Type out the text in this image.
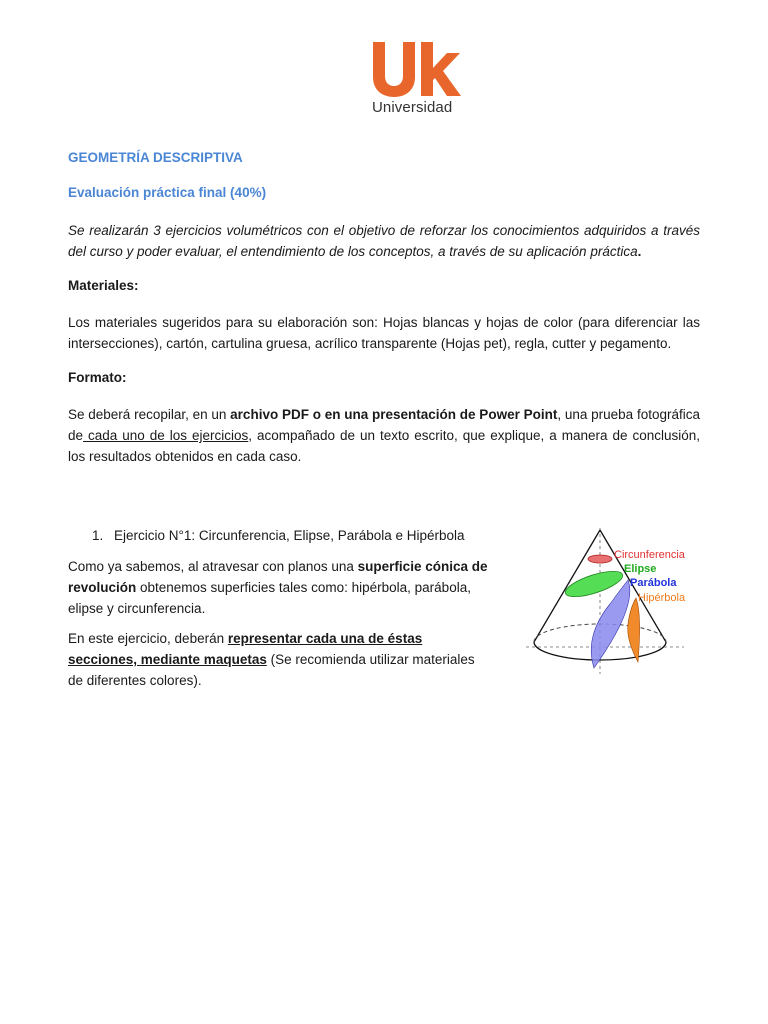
Universidad
GEOMETRÍA DESCRIPTIVA
Evaluación práctica final (40%)
Se realizarán 3 ejercicios volumétricos con el objetivo de reforzar los conocimientos adquiridos a través del curso y poder evaluar, el entendimiento de los conceptos, a través de su aplicación práctica.
Materiales:
Los materiales sugeridos para su elaboración son: Hojas blancas y hojas de color (para diferenciar las intersecciones), cartón, cartulina gruesa, acrílico transparente (Hojas pet), regla, cutter y pegamento.
Formato:
Se deberá recopilar, en un archivo PDF o en una presentación de Power Point, una prueba fotográfica de cada uno de los ejercicios, acompañado de un texto escrito, que explique, a manera de conclusión, los resultados obtenidos en cada caso.
1. Ejercicio N°1: Circunferencia, Elipse, Parábola e Hipérbola
Como ya sabemos, al atravesar con planos una superficie cónica de revolución obtenemos superficies tales como: hipérbola, parábola, elipse y circunferencia.
En este ejercicio, deberán representar cada una de éstas secciones, mediante maquetas (Se recomienda utilizar materiales de diferentes colores).
Circunferencia
Elipse
Parábola
Hipérbola
